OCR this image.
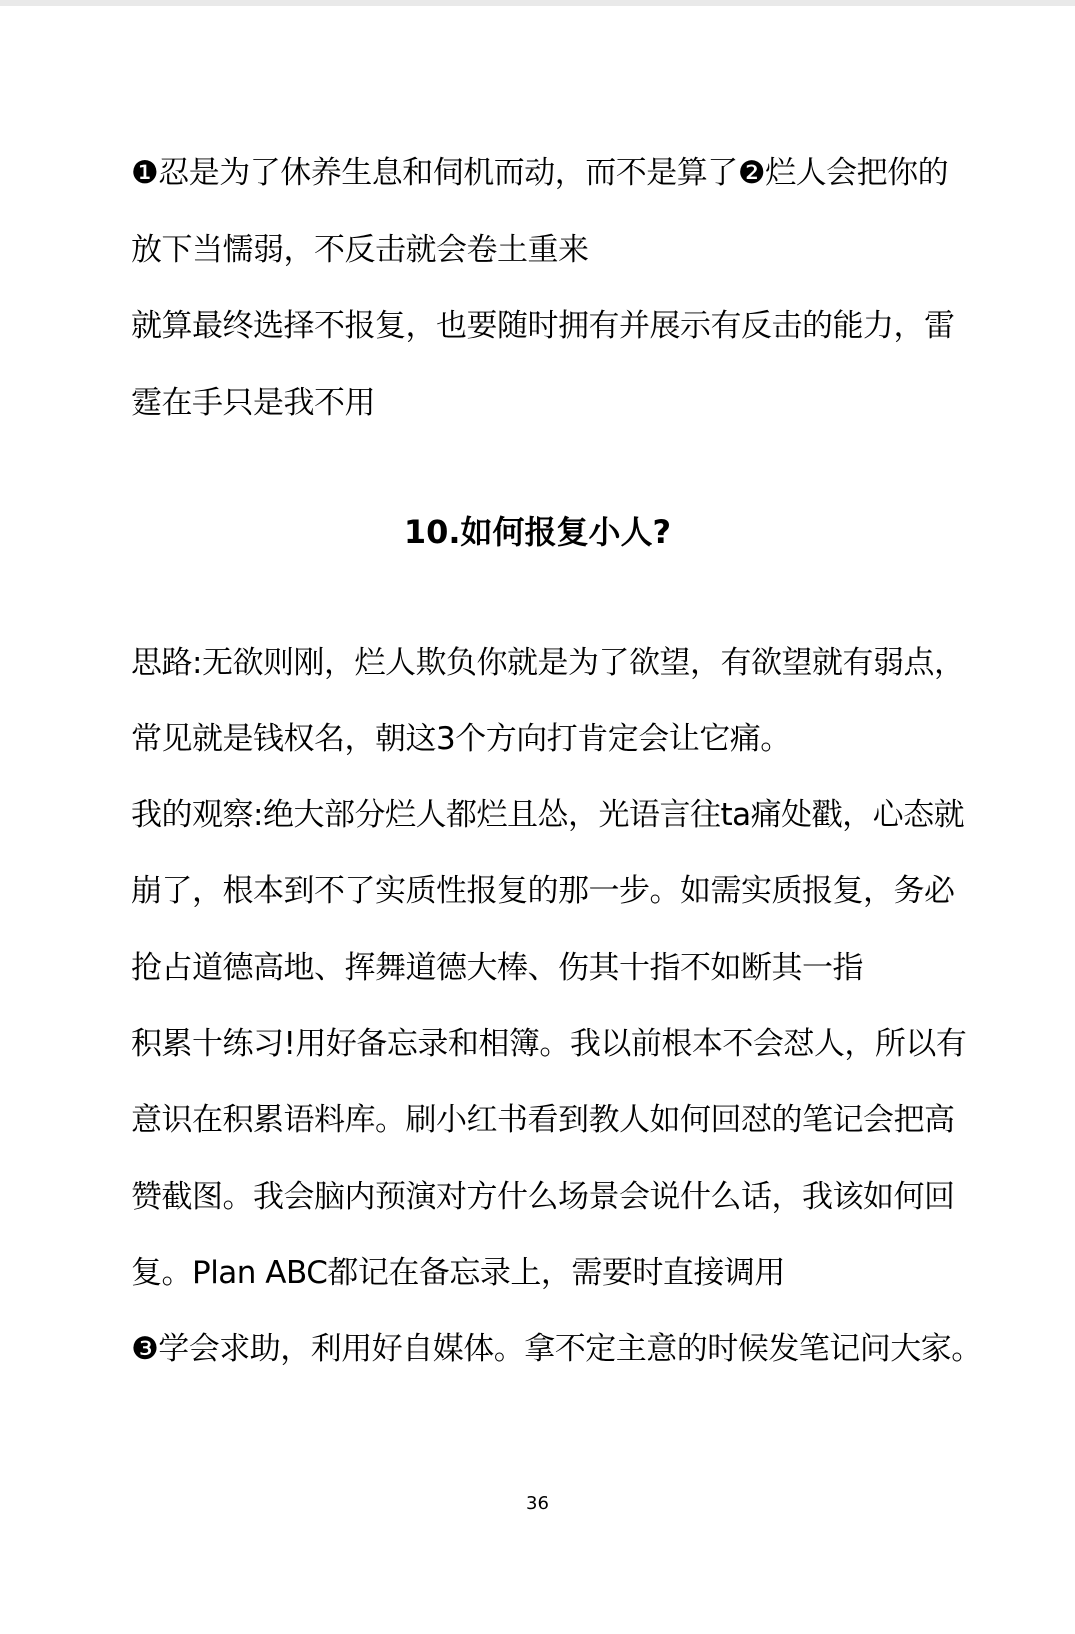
❶忍是为了休养生息和伺机而动，而不是算了❷烂人会把你的
放下当懦弱，不反击就会卷土重来
就算最终选择不报复，也要随时拥有并展示有反击的能力，雷
霆在手只是我不用
10.如何报复小人?
思路:无欲则刚，烂人欺负你就是为了欲望，有欲望就有弱点，
常见就是钱权名，朝这3个方向打肯定会让它痛。
我的观察:绝大部分烂人都烂且怂，光语言往ta痛处戳，心态就
崩了，根本到不了实质性报复的那一步。如需实质报复，务必
抢占道德高地、挥舞道德大棒、伤其十指不如断其一指
积累十练习!用好备忘录和相簿。我以前根本不会怼人，所以有
意识在积累语料库。刷小红书看到教人如何回怼的笔记会把高
赞截图。我会脑内预演对方什么场景会说什么话，我该如何回
复。Plan ABC都记在备忘录上，需要时直接调用
❸学会求助，利用好自媒体。拿不定主意的时候发笔记问大家。
36
